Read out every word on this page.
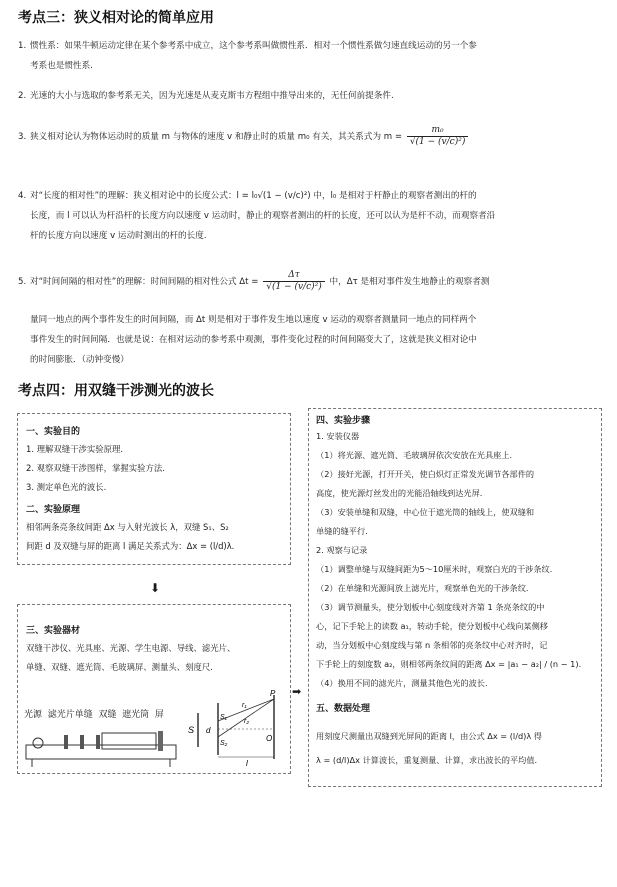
考点三：狭义相对论的简单应用
1. 惯性系：如果牛顿运动定律在某个参考系中成立，这个参考系叫做惯性系．相对一个惯性系做匀速直线运动的另一个参
考系也是惯性系.
2. 光速的大小与选取的参考系无关，因为光速是从麦克斯韦方程组中推导出来的，无任何前提条件.
3. 狭义相对论认为物体运动时的质量 m 与物体的速度 v 和静止时的质量 m₀ 有关，其关系式为 $m = \frac{\text{m₀}}{\text{√(1 − (v/c)²)}}$
4. 对“长度的相对性”的理解：狭义相对论中的长度公式：l = l₀√(1 − (v/c)²) 中，l₀ 是相对于杆静止的观察者测出的杆的
长度，而 l 可以认为杆沿杆的长度方向以速度 v 运动时，静止的观察者测出的杆的长度，还可以认为是杆不动，而观察者沿
杆的长度方向以速度 v 运动时测出的杆的长度.
5. 对“时间间隔的相对性”的理解：时间间隔的相对性公式 $\Delta t = \frac{\Delta\tau}{\text{√(1 − (v/c)²)}}$ 中，Δτ 是相对事件发生地静止的观察者测
量同一地点的两个事件发生的时间间隔，而 Δt 则是相对于事件发生地以速度 v 运动的观察者测量同一地点的同样两个
事件发生的时间间隔．也就是说：在相对运动的参考系中观测，事件变化过程的时间间隔变大了，这就是狭义相对论中
的时间膨胀．（动钟变慢）
考点四：用双缝干涉测光的波长
一、实验目的
1. 理解双缝干涉实验原理.
2. 观察双缝干涉图样，掌握实验方法.
3. 测定单色光的波长.
二、实验原理
相邻两条亮条纹间距 Δx 与入射光波长 λ，双缝 S₁、S₂
间距 d 及双缝与屏的距离 l 满足关系式为：Δx = (l/d)λ.
⬇
三、实验器材
双缝干涉仪、光具座、光源、学生电源、导线、滤光片、
单缝、双缝、遮光筒、毛玻璃屏、测量头、刻度尺.
光源  滤光片单缝  双缝  遮光筒  屏
S
S₁
S₂
d
P
r₁
r₂
O
l
➡
四、实验步骤
1. 安装仪器
（1）将光源、遮光筒、毛玻璃屏依次安放在光具座上.
（2）接好光源，打开开关，使白炽灯正常发光调节各部件的
高度，使光源灯丝发出的光能沿轴线到达光屏.
（3）安装单缝和双缝，中心位于遮光筒的轴线上，使双缝和
单缝的缝平行.
2. 观察与记录
（1）调整单缝与双缝间距为5～10厘米时，观察白光的干涉条纹.
（2）在单缝和光源间放上滤光片，观察单色光的干涉条纹.
（3）调节测量头，使分划板中心刻度线对齐第 1 条亮条纹的中
心，记下手轮上的读数 a₁，转动手轮，使分划板中心线向某侧移
动，当分划板中心刻度线与第 n 条相邻的亮条纹中心对齐时，记
下手轮上的刻度数 a₂，则相邻两条纹间的距离 Δx = |a₁ − a₂| / (n − 1).
（4）换用不同的滤光片，测量其他色光的波长.
五、数据处理
用刻度尺测量出双缝到光屏间的距离 l，由公式 Δx = (l/d)λ 得
λ = (d/l)Δx 计算波长，重复测量、计算，求出波长的平均值.
